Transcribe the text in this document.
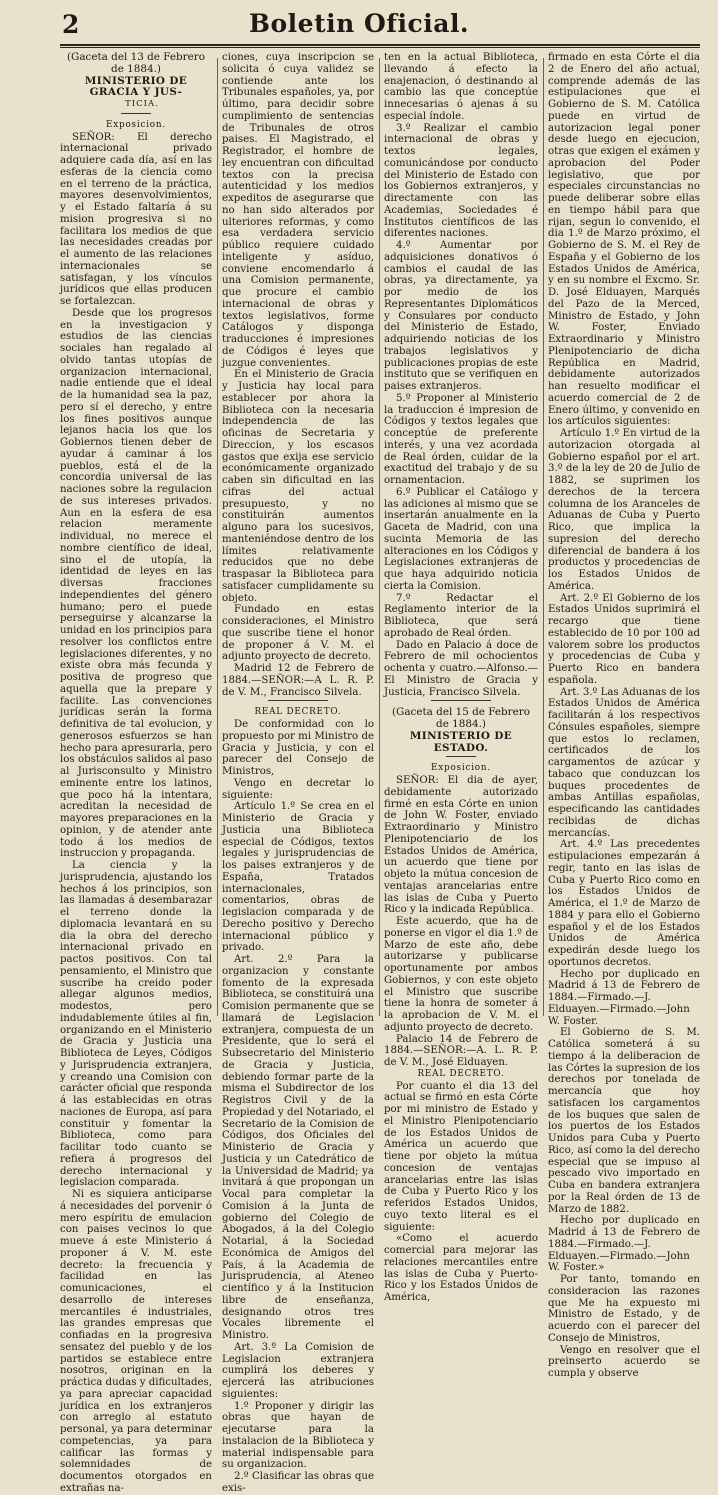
2	Boletin Oficial.

(Gaceta del 13 de Febrero de 1884.)

MINISTERIO DE GRACIA Y JUS-

TICIA.

Exposicion.

SEÑOR: El derecho internacional privado adquiere cada día, así en las esferas de la ciencia como en el terreno de la práctica, mayores desenvolvimientos, y el Estado faltaría á su mision progresiva si no facilitara los medios de que las necesidades creadas por el aumento de las relaciones internacionales se satisfagan, y los vínculos jurídicos que ellas producen se fortalezcan.

Desde que los progresos en la investigacion y estudios de las ciencias sociales han regalado al olvido tantas utopías de organizacion internacional, nadie entiende que el ideal de la humanidad sea la paz, pero sí el derecho, y entre los fines positivos aunque lejanos hacia los que los Gobiernos tienen deber de ayudar á caminar á los pueblos, está el de la concordia universal de las naciones sobre la regulacion de sus intereses privados. Aun en la esfera de esa relacion meramente individual, no merece el nombre científico de ideal, sino el de utopía, la identidad de leyes en las diversas fracciones independientes del género humano; pero el puede perseguirse y alcanzarse la unidad en los principios para resolver los conflictos entre legislaciones diferentes, y no existe obra más fecunda y positiva de progreso que aquella que la prepare y facilite. Las convenciones jurídicas serán la forma definitiva de tal evolucion, y generosos esfuerzos se han hecho para apresurarla, pero los obstáculos salidos al paso al Jurisconsulto y Ministro eminente entre los latinos, que poco há la intentara, acreditan la necesidad de mayores preparaciones en la opinion, y de atender ante todo á los medios de instruccion y propaganda.

La ciencia y la jurisprudencia, ajustando los hechos á los principios, son las llamadas á desembarazar el terreno donde la diplomacia levantará en su dia la obra del derecho internacional privado en pactos positivos. Con tal pensamiento, el Ministro que suscribe ha creido poder allegar algunos medios, modestos, pero indudablemente útiles al fin, organizando en el Ministerio de Gracia y Justicia una Biblioteca de Leyes, Códigos y Jurisprudencia extranjera, y creando una Comision con carácter oficial que responda á las establecidas en otras naciones de Europa, así para constituir y fomentar la Biblioteca, como para facilitar todo cuanto se refiera á progresos del derecho internacional y legislacion comparada.

Ni es siquiera anticiparse á necesidades del porvenir ó mero espíritu de emulacion con paises vecinos lo que mueve á este Ministerio á proponer á V. M. este decreto: la frecuencia y facilidad en las comunicaciones, el desarrollo de intereses mercantiles é industriales, las grandes empresas que confiadas en la progresiva sensatez del pueblo y de los partidos se establece entre nosotros, originan en la práctica dudas y dificultades, ya para apreciar capacidad jurídica en los extranjeros con arreglo al estatuto personal, ya para determinar competencias, ya para calificar las formas y solemnidades de documentos otorgados en extrañas na-

ciones, cuya inscripcion se solicita ó cuya validez se contiende ante los Tribunales españoles, ya, por último, para decidir sobre cumplimiento de sentencias de Tribunales de otros paises. El Magistrado, el Registrador, el hombre de ley encuentran con dificultad textos con la precisa autenticidad y los medios expeditos de asegurarse que no han sido alterados por ulteriores reformas, y como esa verdadera servicio público requiere cuidado inteligente y asíduo, conviene encomendarlo á una Comision permanente, que procure el cambio internacional de obras y textos legislativos, forme Catálogos y disponga traducciones é impresiones de Códigos é leyes que juzgue convenientes.

En el Ministerio de Gracia y Justicia hay local para establecer por ahora la Biblioteca con la necesaria independencia de las oficinas de Secretaria y Direccion, y los escasos gastos que exija ese servicio económicamente organizado caben sin dificultad en las cifras del actual presupuesto, y no constituirán aumentos alguno para los sucesivos, manteniéndose dentro de los límites relativamente reducidos que no debe traspasar la Biblioteca para satisfacer cumplidamente su objeto.

Fundado en estas consideraciones, el Ministro que suscribe tiene el honor de proponer á V. M. el adjunto proyecto de decreto.

Madrid 12 de Febrero de 1884.—SEÑOR:—A L. R. P. de V. M., Francisco Silvela.

REAL DECRETO.

De conformidad con lo propuesto por mi Ministro de Gracia y Justicia, y con el parecer del Consejo de Ministros,

Vengo en decretar lo siguiente:

Artículo 1.º Se crea en el Ministerio de Gracia y Justicia una Biblioteca especial de Códigos, textos legales y jurisprudencias de los paises extranjeros y de España, Tratados internacionales, comentarios, obras de legislacion comparada y de Derecho positivo y Derecho internacional público y privado.

Art. 2.º Para la organizacion y constante fomento de la expresada Biblioteca, se constituirá una Comision permanente que se llamará de Legislacion extranjera, compuesta de un Presidente, que lo será el Subsecretario del Ministerio de Gracia y Justicia, debiendo formar parte de la misma el Subdirector de los Registros Civil y de la Propiedad y del Notariado, el Secretario de la Comision de Códigos, dos Oficiales del Ministerio de Gracia y Justicia y un Catedrático de la Universidad de Madrid; ya invitará á que propongan un Vocal para completar la Comision á la Junta de gobierno del Colegio de Abogados, á la del Colegio Notarial, á la Sociedad Económica de Amigos del País, á la Academia de Jurisprudencia, al Ateneo científico y á la Institucion libre de enseñanza, designando otros tres Vocales libremente el Ministro.

Art. 3.º La Comision de Legislacion extranjera cumplirá los deberes y ejercerá las atribuciones siguientes:

1.º Proponer y dirigir las obras que hayan de ejecutarse para la instalacion de la Biblioteca y material indispensable para su organizacion.

2.º Clasificar las obras que exis-

ten en la actual Biblioteca, llevando á efecto la enajenacion, ó destinando al cambio las que conceptúe innecesarias ó ajenas á su especial índole.

3.º Realizar el cambio internacional de obras y textos legales, comunicándose por conducto del Ministerio de Estado con los Gobiernos extranjeros, y directamente con las Academias, Sociedades é Institutos científicos de las diferentes naciones.

4.º Aumentar por adquisiciones donativos ó cambios el caudal de las obras, ya directamente, ya por medio de los Representantes Diplomáticos y Consulares por conducto del Ministerio de Estado, adquiriendo noticias de los trabajos legislativos y publicaciones propias de este instituto que se verifiquen en paises extranjeros.

5.º Proponer al Ministerio la traduccion é impresion de Códigos y textos legales que conceptúe de preferente interés, y una vez acordada de Real órden, cuidar de la exactitud del trabajo y de su ornamentacion.

6.º Publicar el Catálogo y las adiciones al mismo que se insertarán anualmente en la Gaceta de Madrid, con una sucinta Memoria de las alteraciones en los Códigos y Legislaciones extranjeras de que haya adquirido noticia cierta la Comision.

7.º Redactar el Reglamento interior de la Biblioteca, que será aprobado de Real órden.

Dado en Palacio á doce de Febrero de mil ochocientos ochenta y cuatro.—Alfonso.—El Ministro de Gracia y Justicia, Francisco Silvela.

(Gaceta del 15 de Febrero de 1884.)

MINISTERIO DE ESTADO.

Exposicion.

SEÑOR: El dia de ayer, debidamente autorizado firmé en esta Córte en union de John W. Foster, enviado Extraordinario y Ministro Plenipotenciario de los Estados Unidos de América, un acuerdo que tiene por objeto la mútua concesion de ventajas arancelarias entre las islas de Cuba y Puerto Rico y la indicada República.

Este acuerdo, que ha de ponerse en vigor el dia 1.º de Marzo de este año, debe autorizarse y publicarse oportunamente por ambos Gobiernos, y con este objeto el Ministro que suscribe tiene la honra de someter á la aprobacion de V. M. el adjunto proyecto de decreto.

Palacio 14 de Febrero de 1884.—SEÑOR:—A. L. R. P. de V. M., José Elduayen.

REAL DECRETO.

Por cuanto el dia 13 del actual se firmó en esta Córte por mi ministro de Estado y el Ministro Plenipotenciario de los Estados Unidos de América un acuerdo que tiene por objeto la mútua concesion de ventajas arancelarias entre las islas de Cuba y Puerto Rico y los referidos Estados Unidos, cuyo texto literal es el siguiente:

«Como el acuerdo comercial para mejorar las relaciones mercantiles entre las islas de Cuba y Puerto-Rico y los Estados Unidos de América,

firmado en esta Córte el dia 2 de Enero del año actual, comprende además de las estipulaciones que el Gobierno de S. M. Católica puede en virtud de autorizacion legal poner desde luego en ejecucion, otras que exigen el exámen y aprobacion del Poder legislativo, que por especiales circunstancias no puede deliberar sobre ellas en tiempo hábil para que rijan, segun lo convenido, el dia 1.º de Marzo próximo, el Gobierno de S. M. el Rey de España y el Gobierno de los Estados Unidos de América, y en su nombre el Excmo. Sr. D. José Elduayen, Marqués del Pazo de la Merced, Ministro de Estado, y John W. Foster, Enviado Extraordinario y Ministro Plenipotenciario de dicha República en Madrid, debidamente autorizados han resuelto modificar el acuerdo comercial de 2 de Enero último, y convenido en los artículos siguientes:

Artículo 1.º En virtud de la autorizacion otorgada al Gobierno español por el art. 3.º de la ley de 20 de Julio de 1882, se suprimen los derechos de la tercera columna de los Aranceles de Aduanas de Cuba y Puerto Rico, que implica la supresion del derecho diferencial de bandera á los productos y procedencias de los Estados Unidos de América.

Art. 2.º El Gobierno de los Estados Unidos suprimirá el recargo que tiene establecido de 10 por 100 ad valorem sobre los productos y procedencias de Cuba y Puerto Rico en bandera española.

Art. 3.º Las Aduanas de los Estados Unidos de América facilitarán á los respectivos Cónsules españoles, siempre que estos lo reclamen, certificados de los cargamentos de azúcar y tabaco que conduzcan los buques procedentes de ambas Antillas españolas, especificando las cantidades recibidas de dichas mercancías.

Art. 4.º Las precedentes estipulaciones empezarán á regir, tanto en las islas de Cuba y Puerto Rico como en los Estados Unidos de América, el 1.º de Marzo de 1884 y para ello el Gobierno español y el de los Estados Unidos de América expedirán desde luego los oportunos decretos.

Hecho por duplicado en Madrid á 13 de Febrero de 1884.—Firmado.—J. Elduayen.—Firmado.—John W. Foster.

El Gobierno de S. M. Católica someterá á su tiempo á la deliberacion de las Córtes la supresion de los derechos por tonelada de mercancía que hoy satisfacen los cargamentos de los buques que salen de los puertos de los Estados Unidos para Cuba y Puerto Rico, así como la del derecho especial que se impuso al pescado vivo importado en Cuba en bandera extranjera por la Real órden de 13 de Marzo de 1882.

Hecho por duplicado en Madrid á 13 de Febrero de 1884.—Firmado.—J. Elduayen.—Firmado.—John W. Foster.»

Por tanto, tomando en consideracion las razones que Me ha expuesto mi Ministro de Estado, y de acuerdo con el parecer del Consejo de Ministros,

Vengo en resolver que el preinserto acuerdo se cumpla y observe
